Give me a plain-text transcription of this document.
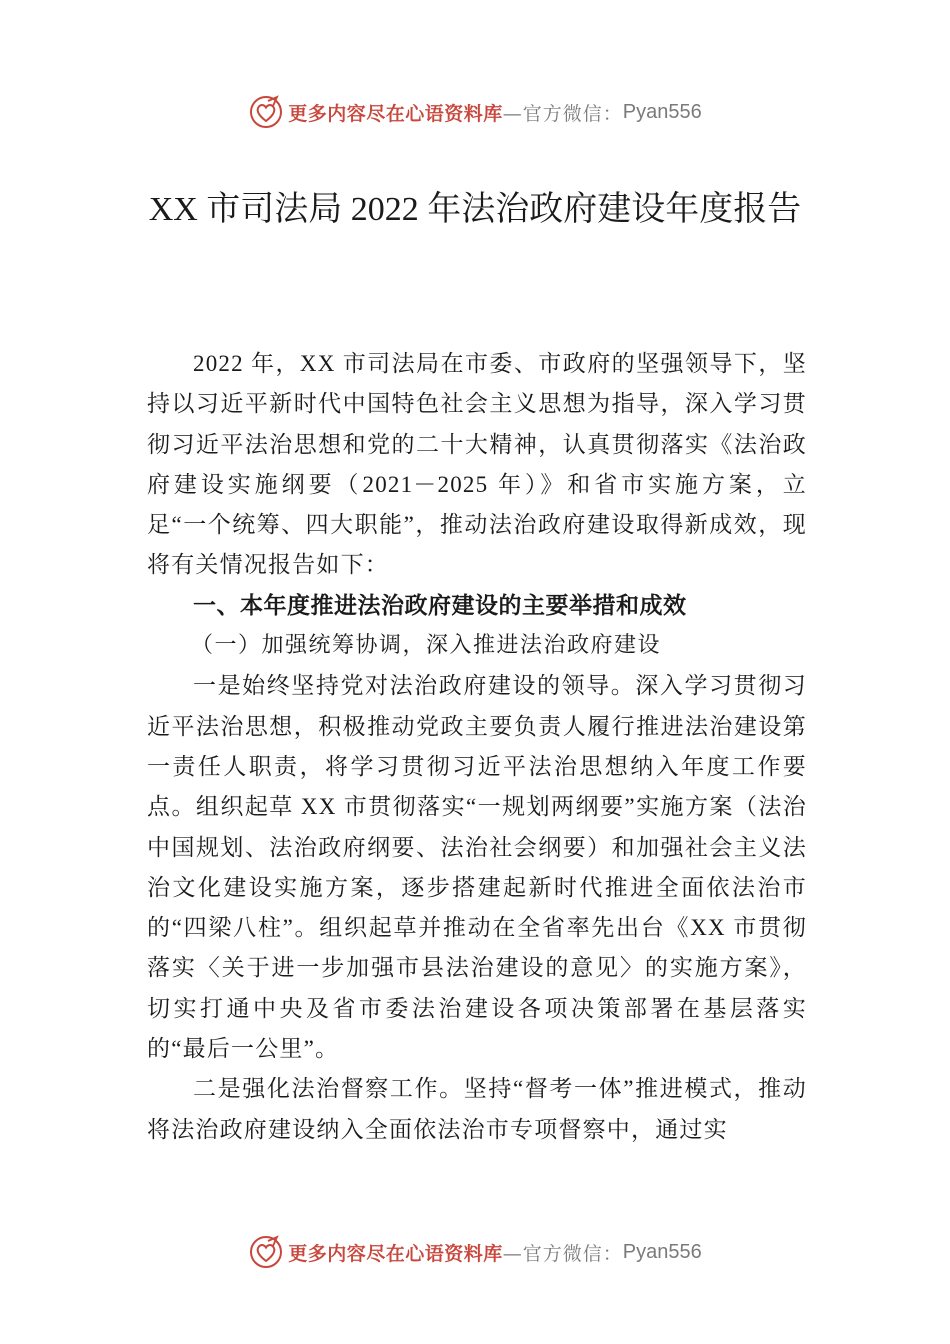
更多内容尽在心语资料库 —官方微信： Pyan556
XX 市司法局 2022 年法治政府建设年度报告

2022 年，XX 市司法局在市委、市政府的坚强领导下，坚持以习近平新时代中国特色社会主义思想为指导，深入学习贯彻习近平法治思想和党的二十大精神，认真贯彻落实《法治政府建设实施纲要（2021－2025 年）》和省市实施方案，立足“一个统筹、四大职能”，推动法治政府建设取得新成效，现将有关情况报告如下：

一、本年度推进法治政府建设的主要举措和成效

（一）加强统筹协调，深入推进法治政府建设

一是始终坚持党对法治政府建设的领导。深入学习贯彻习近平法治思想，积极推动党政主要负责人履行推进法治建设第一责任人职责，将学习贯彻习近平法治思想纳入年度工作要点。组织起草 XX 市贯彻落实“一规划两纲要”实施方案（法治中国规划、法治政府纲要、法治社会纲要）和加强社会主义法治文化建设实施方案，逐步搭建起新时代推进全面依法治市的“四梁八柱”。组织起草并推动在全省率先出台《XX 市贯彻落实〈关于进一步加强市县法治建设的意见〉的实施方案》，切实打通中央及省市委法治建设各项决策部署在基层落实的“最后一公里”。

二是强化法治督察工作。坚持“督考一体”推进模式，推动将法治政府建设纳入全面依法治市专项督察中，通过实

更多内容尽在心语资料库 —官方微信： Pyan556
